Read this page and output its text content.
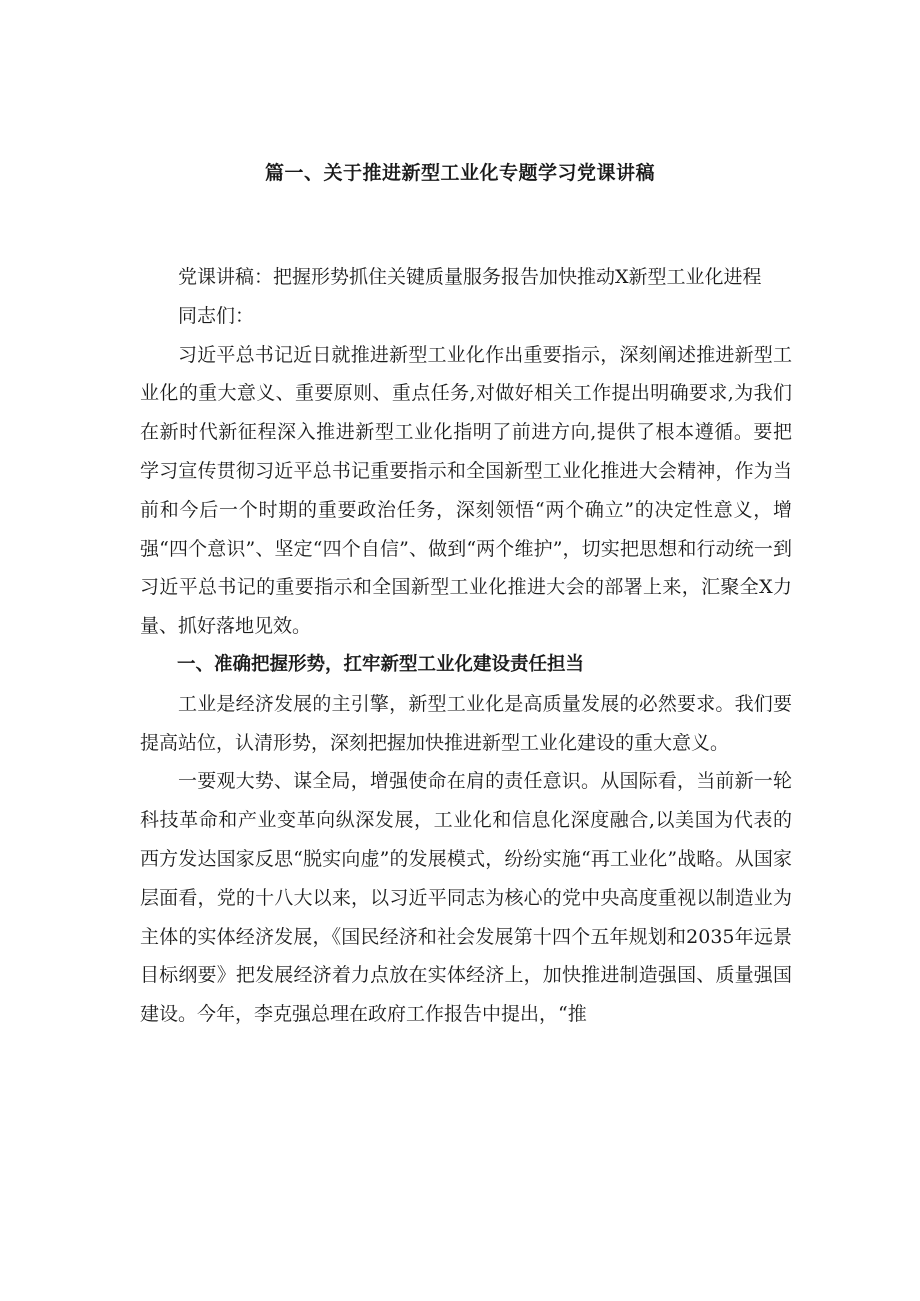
篇一、关于推进新型工业化专题学习党课讲稿

党课讲稿：把握形势抓住关键质量服务报告加快推动X新型工业化进程

同志们：

习近平总书记近日就推进新型工业化作出重要指示，深刻阐述推进新型工业化的重大意义、重要原则、重点任务,对做好相关工作提出明确要求,为我们在新时代新征程深入推进新型工业化指明了前进方向,提供了根本遵循。要把学习宣传贯彻习近平总书记重要指示和全国新型工业化推进大会精神，作为当前和今后一个时期的重要政治任务，深刻领悟“两个确立”的决定性意义，增强“四个意识”、坚定“四个自信”、做到“两个维护”，切实把思想和行动统一到习近平总书记的重要指示和全国新型工业化推进大会的部署上来，汇聚全X力量、抓好落地见效。

一、准确把握形势，扛牢新型工业化建设责任担当

工业是经济发展的主引擎，新型工业化是高质量发展的必然要求。我们要提高站位，认清形势，深刻把握加快推进新型工业化建设的重大意义。

一要观大势、谋全局，增强使命在肩的责任意识。从国际看，当前新一轮科技革命和产业变革向纵深发展，工业化和信息化深度融合,以美国为代表的西方发达国家反思“脱实向虚”的发展模式，纷纷实施“再工业化”战略。从国家层面看，党的十八大以来，以习近平同志为核心的党中央高度重视以制造业为主体的实体经济发展，《国民经济和社会发展第十四个五年规划和2035年远景目标纲要》把发展经济着力点放在实体经济上，加快推进制造强国、质量强国建设。今年，李克强总理在政府工作报告中提出，“推
